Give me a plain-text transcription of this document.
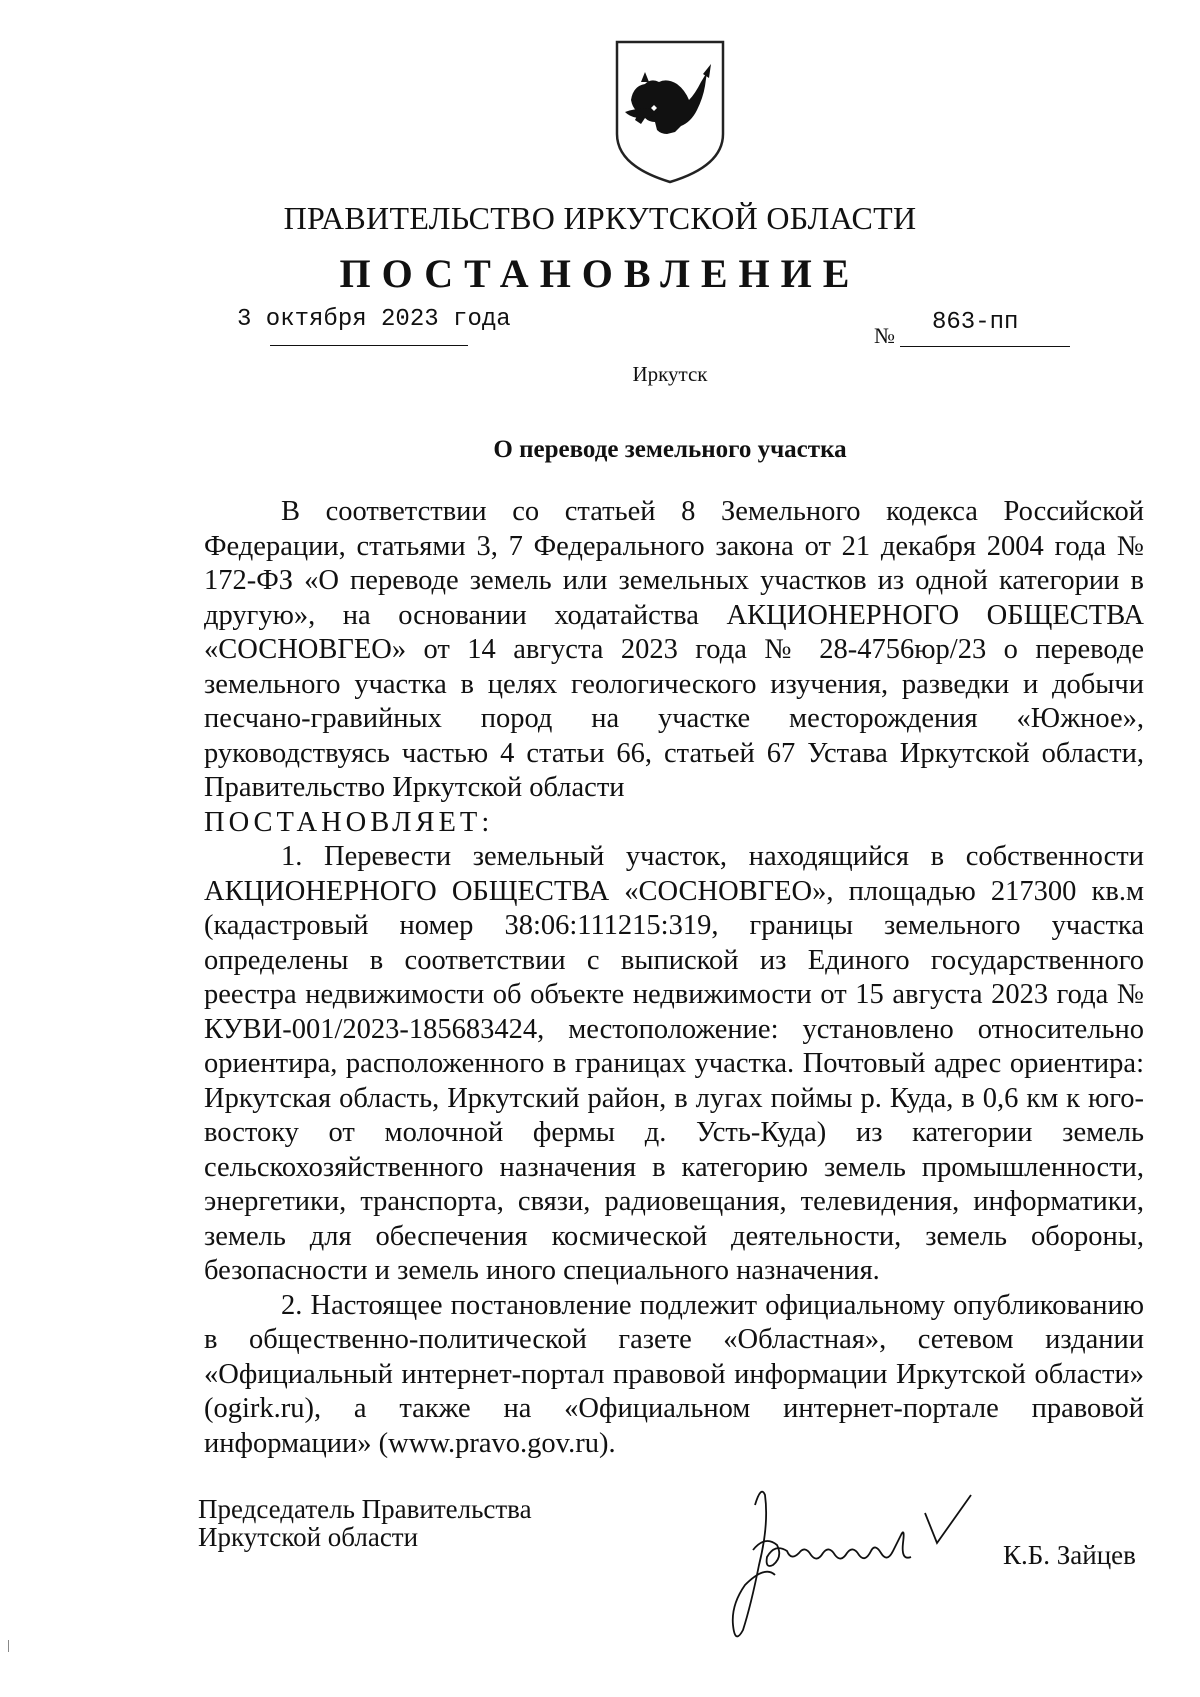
ПРАВИТЕЛЬСТВО ИРКУТСКОЙ ОБЛАСТИ
ПОСТАНОВЛЕНИЕ
3 октября 2023 года
№ 863-пп
Иркутск
О переводе земельного участка

В соответствии со статьей 8 Земельного кодекса Российской Федерации, статьями 3, 7 Федерального закона от 21 декабря 2004 года № 172-ФЗ «О переводе земель или земельных участков из одной категории в другую», на основании ходатайства АКЦИОНЕРНОГО ОБЩЕСТВА «СОСНОВГЕО» от 14 августа 2023 года № 28-4756юр/23 о переводе земельного участка в целях геологического изучения, разведки и добычи песчано-гравийных пород на участке месторождения «Южное», руководствуясь частью 4 статьи 66, статьей 67 Устава Иркутской области, Правительство Иркутской области

ПОСТАНОВЛЯЕТ:

1. Перевести земельный участок, находящийся в собственности АКЦИОНЕРНОГО ОБЩЕСТВА «СОСНОВГЕО», площадью 217300 кв.м (кадастровый номер 38:06:111215:319, границы земельного участка определены в соответствии с выпиской из Единого государственного реестра недвижимости об объекте недвижимости от 15 августа 2023 года № КУВИ-001/2023-185683424, местоположение: установлено относительно ориентира, расположенного в границах участка. Почтовый адрес ориентира: Иркутская область, Иркутский район, в лугах поймы р. Куда, в 0,6 км к юго-востоку от молочной фермы д. Усть-Куда) из категории земель сельскохозяйственного назначения в категорию земель промышленности, энергетики, транспорта, связи, радиовещания, телевидения, информатики, земель для обеспечения космической деятельности, земель обороны, безопасности и земель иного специального назначения.

2. Настоящее постановление подлежит официальному опубликованию в общественно-политической газете «Областная», сетевом издании «Официальный интернет-портал правовой информации Иркутской области» (ogirk.ru), а также на «Официальном интернет-портале правовой информации» (www.pravo.gov.ru).

Председатель Правительства
Иркутской области
К.Б. Зайцев
